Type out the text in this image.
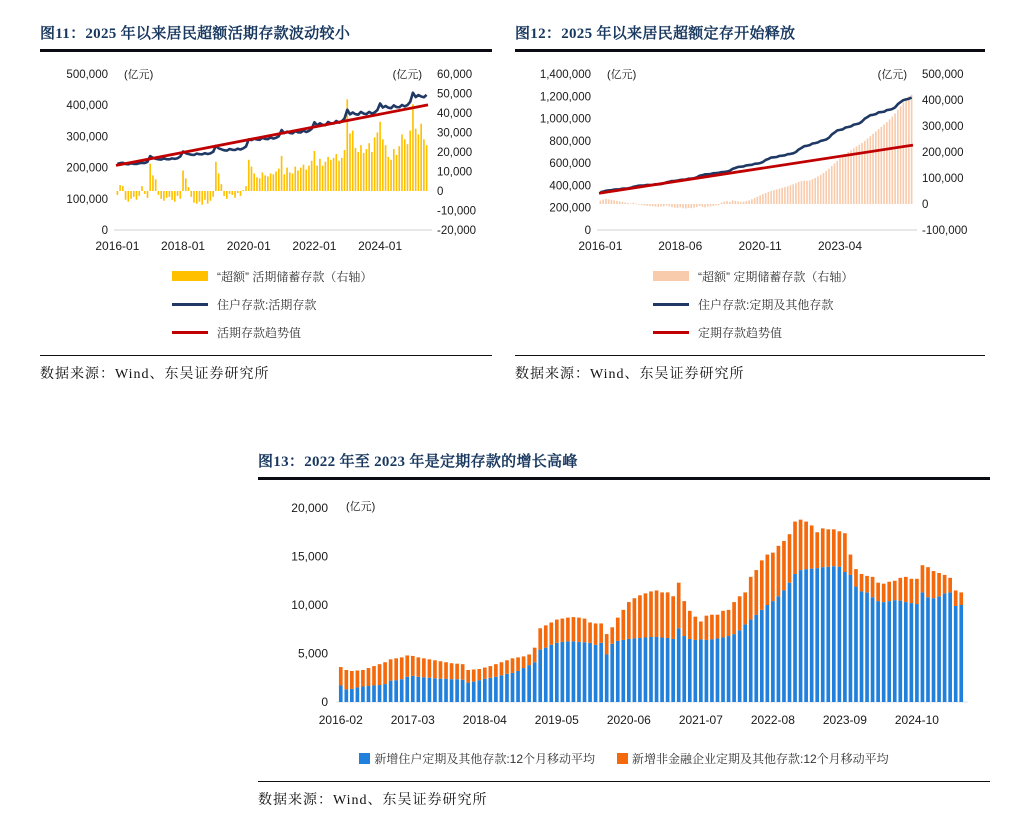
图11：2025 年以来居民超额活期存款波动较小
0
100,000
200,000
300,000
400,000
500,000
-20,000
-10,000
0
10,000
20,000
30,000
40,000
50,000
60,000
(亿元)	(亿元)
2016-01 2018-01 2020-01 2022-01 2024-01
“超额” 活期储蓄存款（右轴）
住户存款:活期存款
活期存款趋势值
数据来源：Wind、东吴证券研究所
图12：2025 年以来居民超额定存开始释放
0
200,000
400,000
600,000
800,000
1,000,000
1,200,000
1,400,000
-100,000
0
100,000
200,000
300,000
400,000
500,000
(亿元)	(亿元)
2016-01	2018-06	2020-11	2023-04
“超额” 定期储蓄存款（右轴）
住户存款:定期及其他存款
定期存款趋势值
数据来源：Wind、东吴证券研究所
图13：2022 年至 2023 年是定期存款的增长高峰
0
5,000
10,000
15,000
20,000 (亿元)
2016-02 2017-03 2018-04 2019-05 2020-06 2021-07 2022-08 2023-09 2024-10
新增住户定期及其他存款:12个月移动平均	新增非金融企业定期及其他存款:12个月移动平均
数据来源：Wind、东吴证券研究所
